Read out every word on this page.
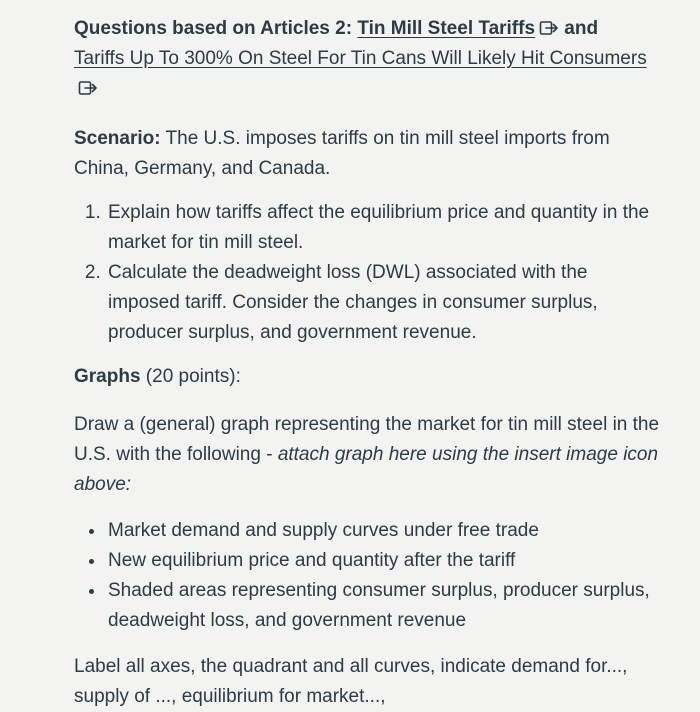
Questions based on Articles 2: Tin Mill Steel Tariffs
and Tariffs Up To 300% On Steel For Tin Cans Will Likely Hit Consumers

Scenario: The U.S. imposes tariffs on tin mill steel imports from China, Germany, and Canada.

1. Explain how tariffs affect the equilibrium price and quantity in the market for tin mill steel.
2. Calculate the deadweight loss (DWL) associated with the imposed tariff. Consider the changes in consumer surplus, producer surplus, and government revenue.

Graphs (20 points):

Draw a (general) graph representing the market for tin mill steel in the U.S. with the following - attach graph here using the insert image icon above:

• Market demand and supply curves under free trade
• New equilibrium price and quantity after the tariff
• Shaded areas representing consumer surplus, producer surplus, deadweight loss, and government revenue

Label all axes, the quadrant and all curves, indicate demand for..., supply of ..., equilibrium for market...,
